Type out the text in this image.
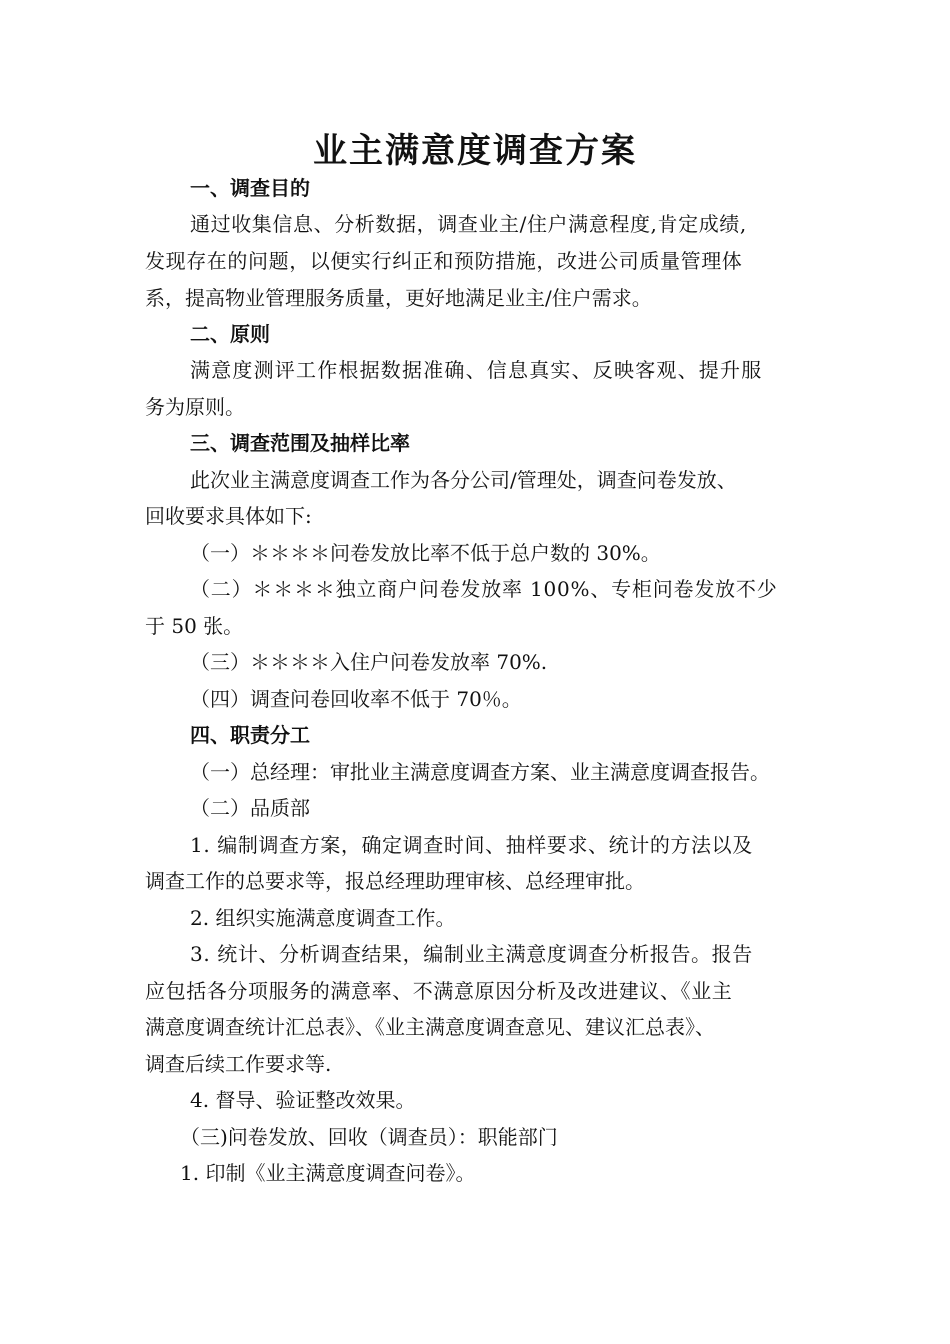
业主满意度调查方案
一、调查目的
通过收集信息、分析数据，调查业主/住户满意程度,肯定成绩,
发现存在的问题，以便实行纠正和预防措施，改进公司质量管理体
系，提高物业管理服务质量，更好地满足业主/住户需求。
二、原则
满意度测评工作根据数据准确、信息真实、反映客观、提升服
务为原则。
三、调查范围及抽样比率
此次业主满意度调查工作为各分公司/管理处，调查问卷发放、
回收要求具体如下:
（一）＊＊＊＊问卷发放比率不低于总户数的 30%。
（二）＊＊＊＊独立商户问卷发放率 100%、专柜问卷发放不少
于 50 张。
（三）＊＊＊＊入住户问卷发放率 70%.
（四）调查问卷回收率不低于 70％。
四、职责分工
（一）总经理：审批业主满意度调查方案、业主满意度调查报告。
（二）品质部
1. 编制调查方案，确定调查时间、抽样要求、统计的方法以及
调查工作的总要求等，报总经理助理审核、总经理审批。
2. 组织实施满意度调查工作。
3. 统计、分析调查结果，编制业主满意度调查分析报告。报告
应包括各分项服务的满意率、不满意原因分析及改进建议、《业主
满意度调查统计汇总表》、《业主满意度调查意见、建议汇总表》、
调查后续工作要求等.
4. 督导、验证整改效果。
（三)问卷发放、回收（调查员）：职能部门
1. 印制《业主满意度调查问卷》。
